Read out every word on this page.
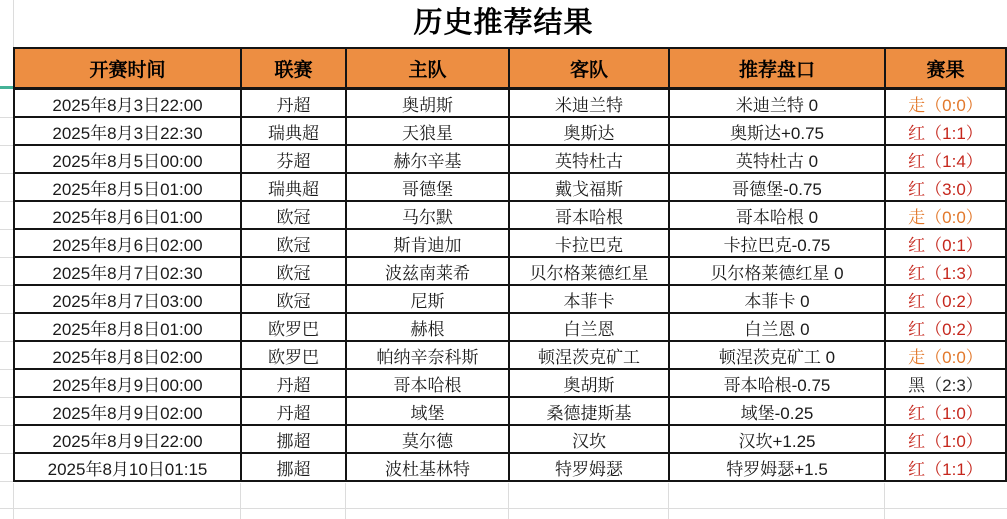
历史推荐结果
开赛时间	联赛	主队	客队	推荐盘口	赛果
2025年8月3日22:00	丹超	奥胡斯	米迪兰特	米迪兰特 0	走（0:0）
2025年8月3日22:30	瑞典超	天狼星	奥斯达	奥斯达+0.75	红（1:1）
2025年8月5日00:00	芬超	赫尔辛基	英特杜古	英特杜古 0	红（1:4）
2025年8月5日01:00	瑞典超	哥德堡	戴戈福斯	哥德堡-0.75	红（3:0）
2025年8月6日01:00	欧冠	马尔默	哥本哈根	哥本哈根 0	走（0:0）
2025年8月6日02:00	欧冠	斯肯迪加	卡拉巴克	卡拉巴克-0.75	红（0:1）
2025年8月7日02:30	欧冠	波兹南莱希	贝尔格莱德红星	贝尔格莱德红星 0	红（1:3）
2025年8月7日03:00	欧冠	尼斯	本菲卡	本菲卡 0	红（0:2）
2025年8月8日01:00	欧罗巴	赫根	白兰恩	白兰恩 0	红（0:2）
2025年8月8日02:00	欧罗巴	帕纳辛奈科斯	顿涅茨克矿工	顿涅茨克矿工 0	走（0:0）
2025年8月9日00:00	丹超	哥本哈根	奥胡斯	哥本哈根-0.75	黑（2:3）
2025年8月9日02:00	丹超	域堡	桑德捷斯基	域堡-0.25	红（1:0）
2025年8月9日22:00	挪超	莫尔德	汉坎	汉坎+1.25	红（1:0）
2025年8月10日01:15	挪超	波杜基林特	特罗姆瑟	特罗姆瑟+1.5	红（1:1）
